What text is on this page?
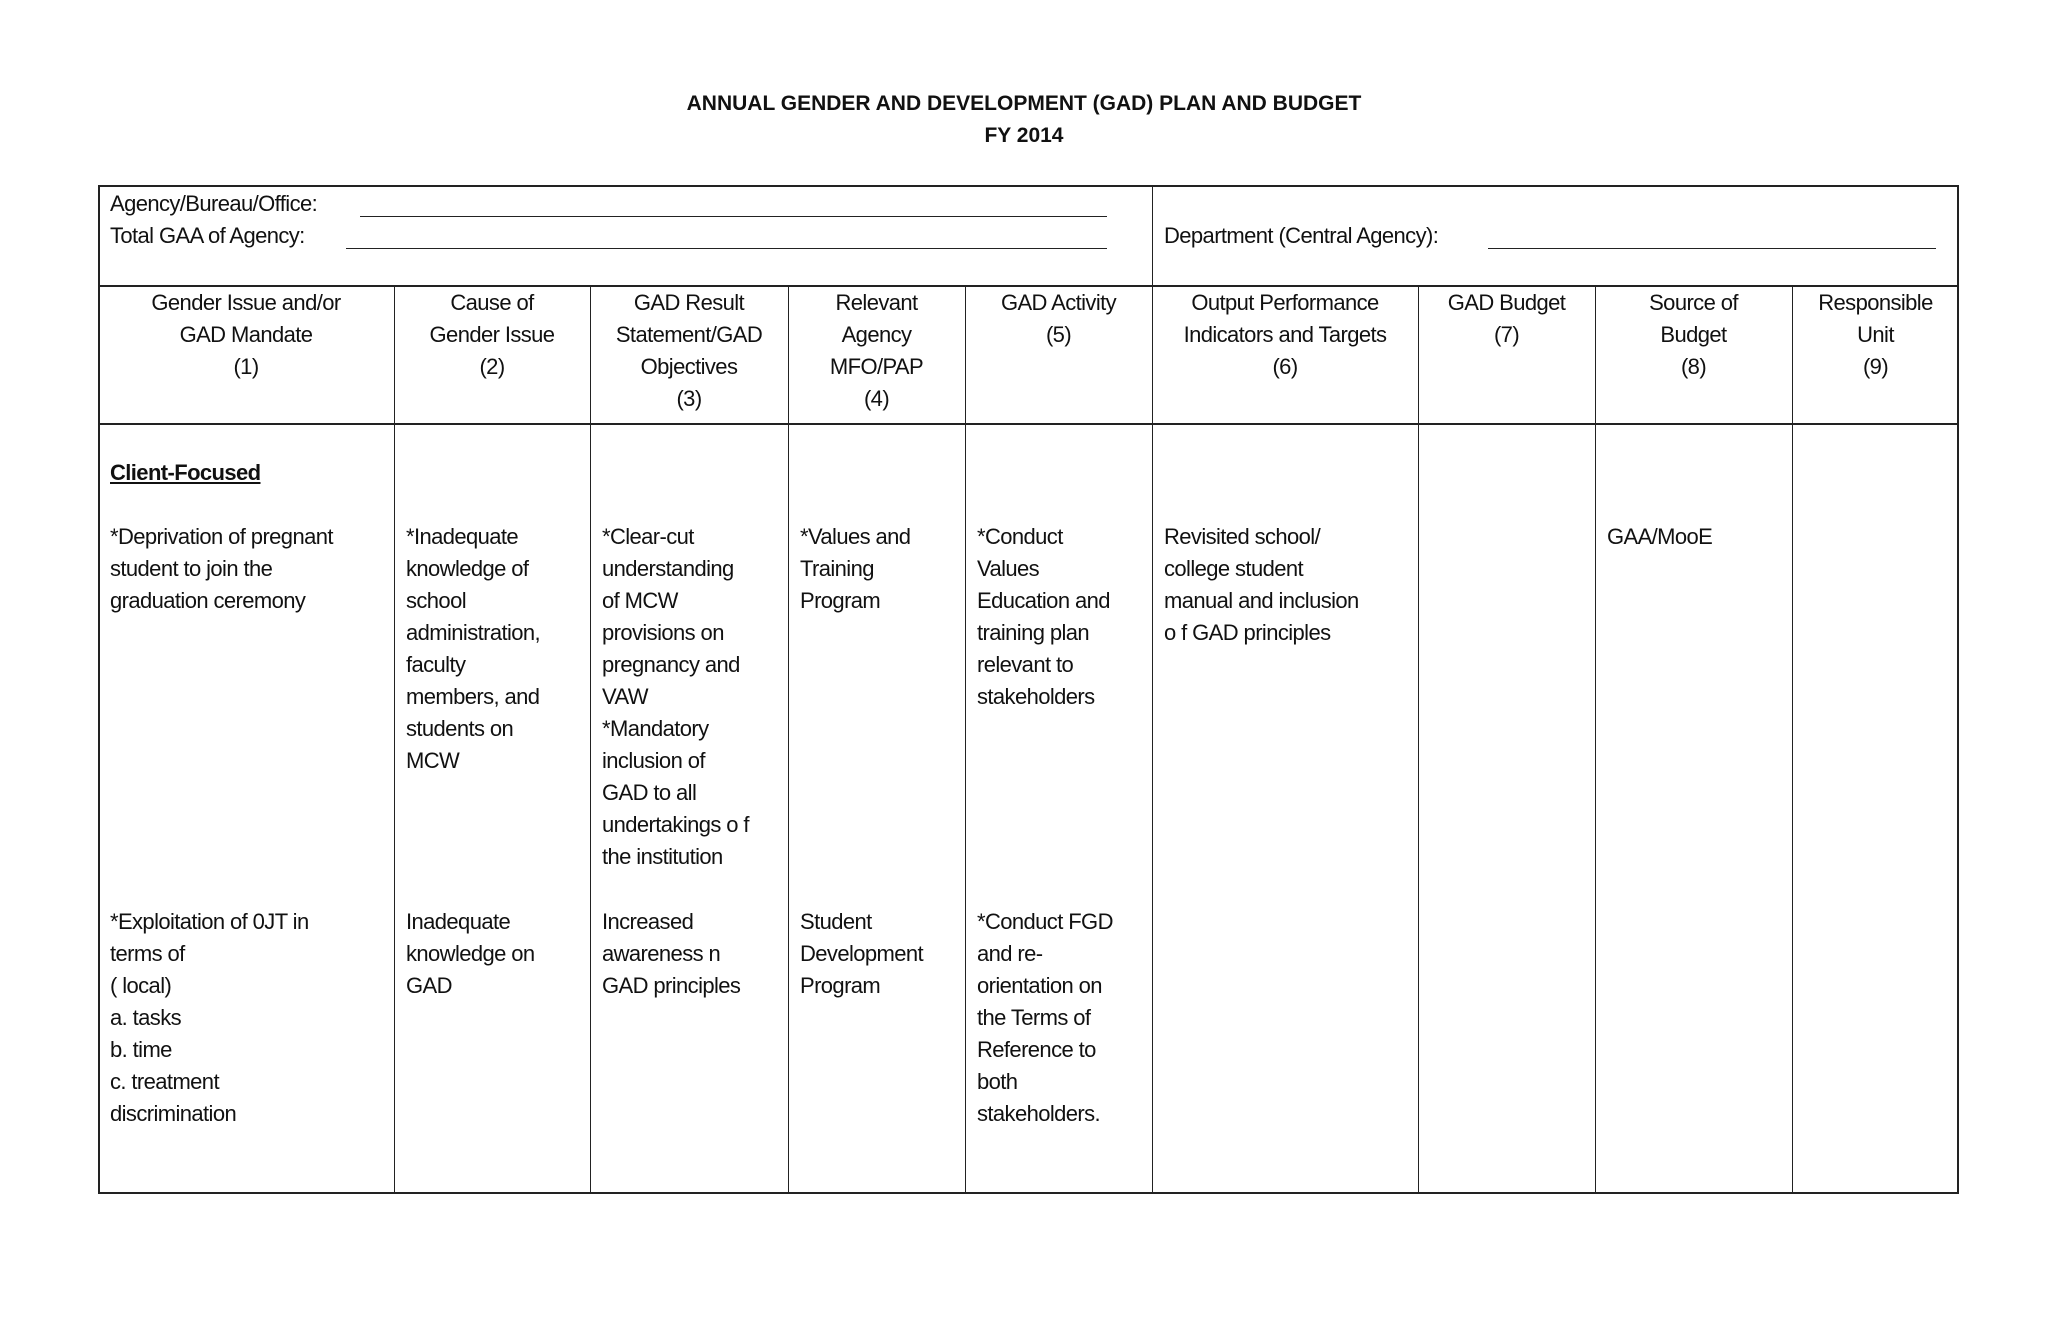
ANNUAL GENDER AND DEVELOPMENT (GAD) PLAN AND BUDGET
FY 2014
Agency/Bureau/Office:
Total GAA of Agency:	Department (Central Agency):
Gender Issue and/or
GAD Mandate
(1)
Cause of
Gender Issue
(2)
GAD Result
Statement/GAD
Objectives
(3)
Relevant
Agency
MFO/PAP
(4)
GAD Activity
(5)
Output Performance
Indicators and Targets
(6)
GAD Budget
(7)
Source of
Budget
(8)
Responsible
Unit
(9)
Client-Focused
*Deprivation of pregnant
student to join the
graduation ceremony
*Inadequate
knowledge of
school
administration,
faculty
members, and
students on
MCW
*Clear-cut
understanding
of MCW
provisions on
pregnancy and
VAW
*Mandatory
inclusion of
GAD to all
undertakings o f
the institution
*Values and
Training
Program
*Conduct
Values
Education and
training plan
relevant to
stakeholders
Revisited school/
college student
manual and inclusion
o f GAD principles
GAA/MooE
*Exploitation of 0JT in
terms of
( local)
a. tasks
b. time
c. treatment
discrimination
Inadequate
knowledge on
GAD
Increased
awareness n
GAD principles
Student
Development
Program
*Conduct FGD
and re-
orientation on
the Terms of
Reference to
both
stakeholders.
